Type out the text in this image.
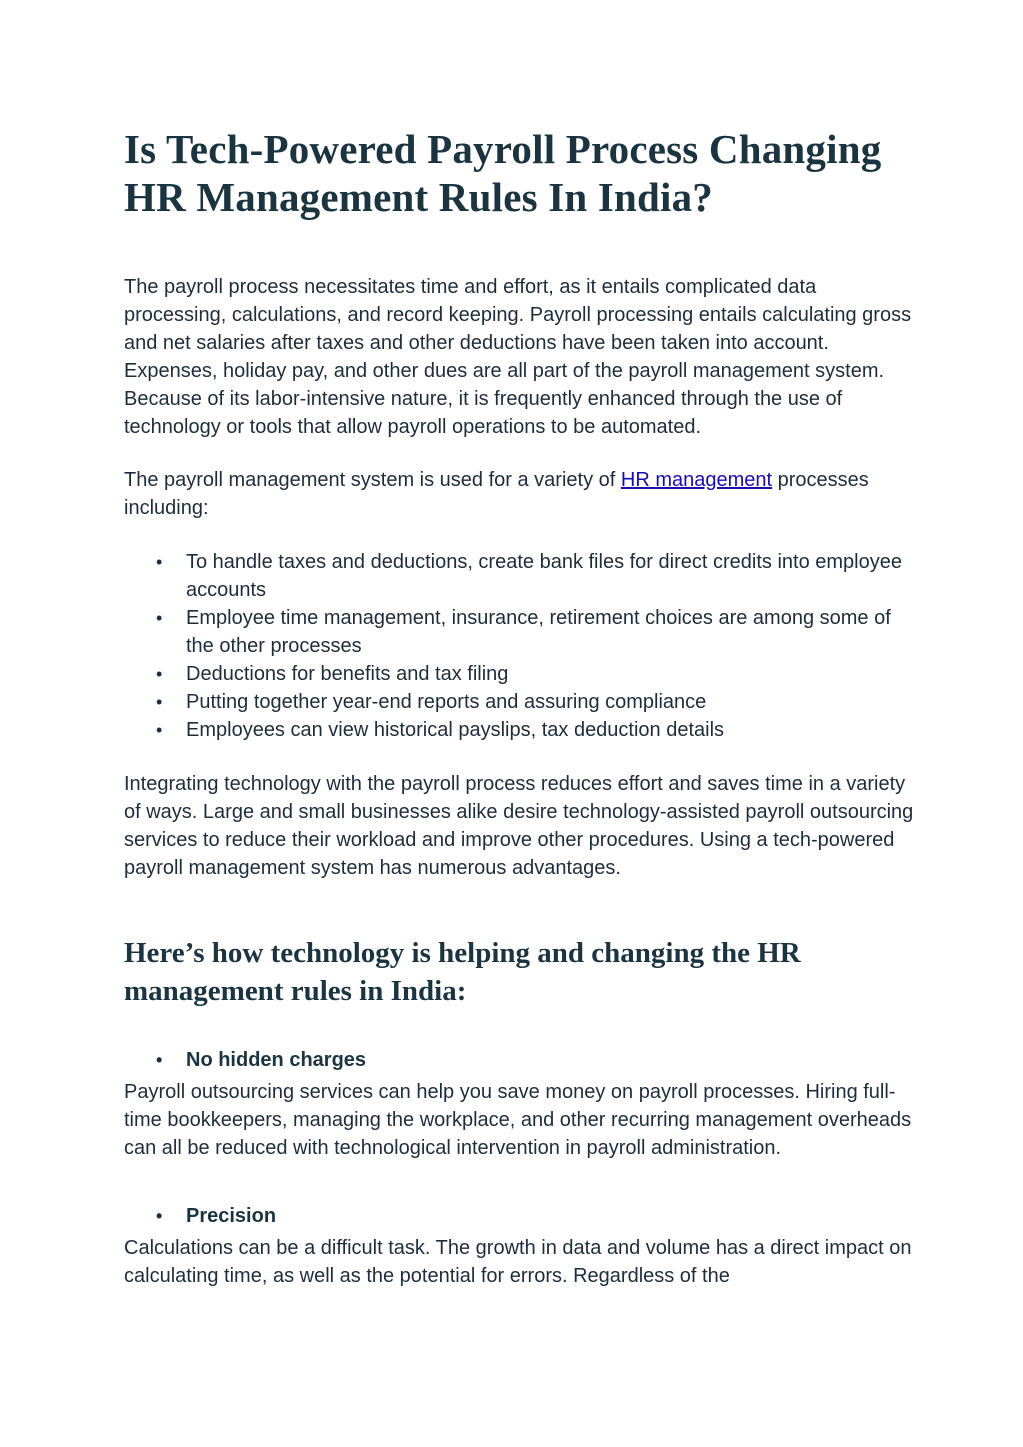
Is Tech-Powered Payroll Process Changing HR Management Rules In India?

The payroll process necessitates time and effort, as it entails complicated data processing, calculations, and record keeping. Payroll processing entails calculating gross and net salaries after taxes and other deductions have been taken into account. Expenses, holiday pay, and other dues are all part of the payroll management system. Because of its labor-intensive nature, it is frequently enhanced through the use of technology or tools that allow payroll operations to be automated.

The payroll management system is used for a variety of HR management processes including:

• To handle taxes and deductions, create bank files for direct credits into employee accounts
• Employee time management, insurance, retirement choices are among some of the other processes
• Deductions for benefits and tax filing
• Putting together year-end reports and assuring compliance
• Employees can view historical payslips, tax deduction details

Integrating technology with the payroll process reduces effort and saves time in a variety of ways. Large and small businesses alike desire technology-assisted payroll outsourcing services to reduce their workload and improve other procedures. Using a tech-powered payroll management system has numerous advantages.

Here’s how technology is helping and changing the HR management rules in India:
• No hidden charges

Payroll outsourcing services can help you save money on payroll processes. Hiring full-time bookkeepers, managing the workplace, and other recurring management overheads can all be reduced with technological intervention in payroll administration.

• Precision

Calculations can be a difficult task. The growth in data and volume has a direct impact on calculating time, as well as the potential for errors. Regardless of the
